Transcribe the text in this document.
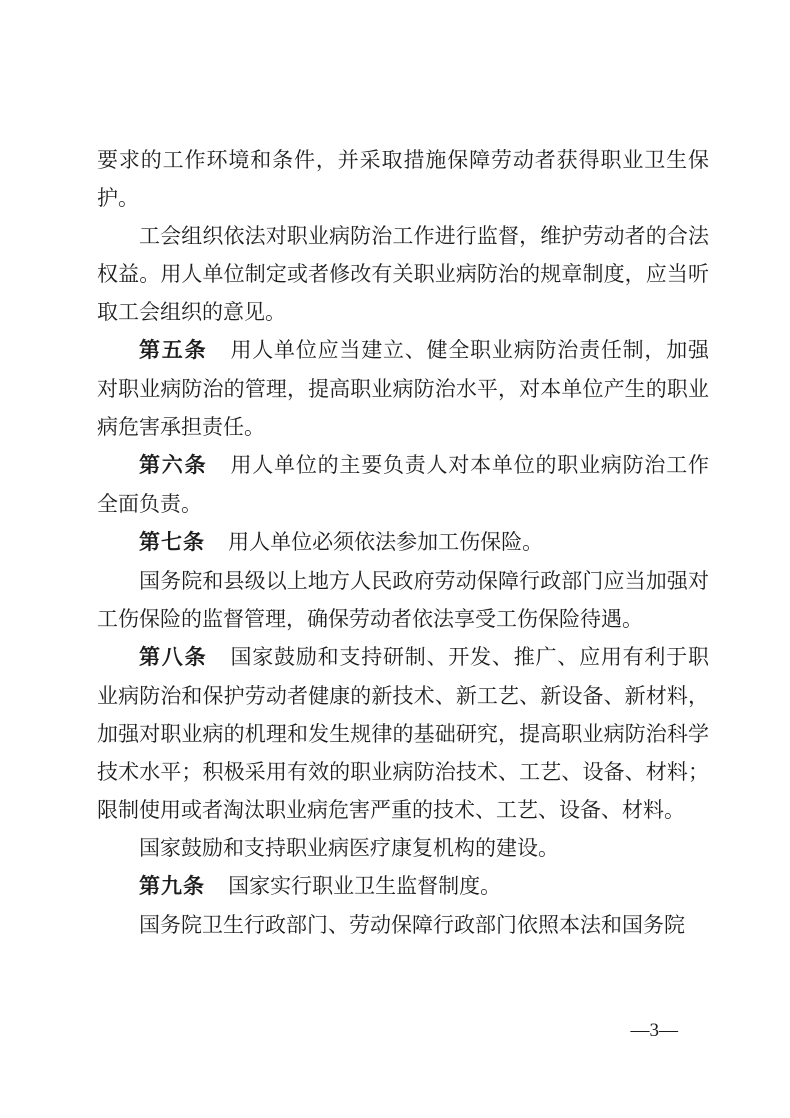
要求的工作环境和条件，并采取措施保障劳动者获得职业卫生保护。

工会组织依法对职业病防治工作进行监督，维护劳动者的合法权益。用人单位制定或者修改有关职业病防治的规章制度，应当听取工会组织的意见。

第五条 用人单位应当建立、健全职业病防治责任制，加强对职业病防治的管理，提高职业病防治水平，对本单位产生的职业病危害承担责任。

第六条 用人单位的主要负责人对本单位的职业病防治工作全面负责。

第七条 用人单位必须依法参加工伤保险。

国务院和县级以上地方人民政府劳动保障行政部门应当加强对工伤保险的监督管理，确保劳动者依法享受工伤保险待遇。

第八条 国家鼓励和支持研制、开发、推广、应用有利于职业病防治和保护劳动者健康的新技术、新工艺、新设备、新材料，加强对职业病的机理和发生规律的基础研究，提高职业病防治科学技术水平；积极采用有效的职业病防治技术、工艺、设备、材料；限制使用或者淘汰职业病危害严重的技术、工艺、设备、材料。

国家鼓励和支持职业病医疗康复机构的建设。

第九条 国家实行职业卫生监督制度。

国务院卫生行政部门、劳动保障行政部门依照本法和国务院

—3—
